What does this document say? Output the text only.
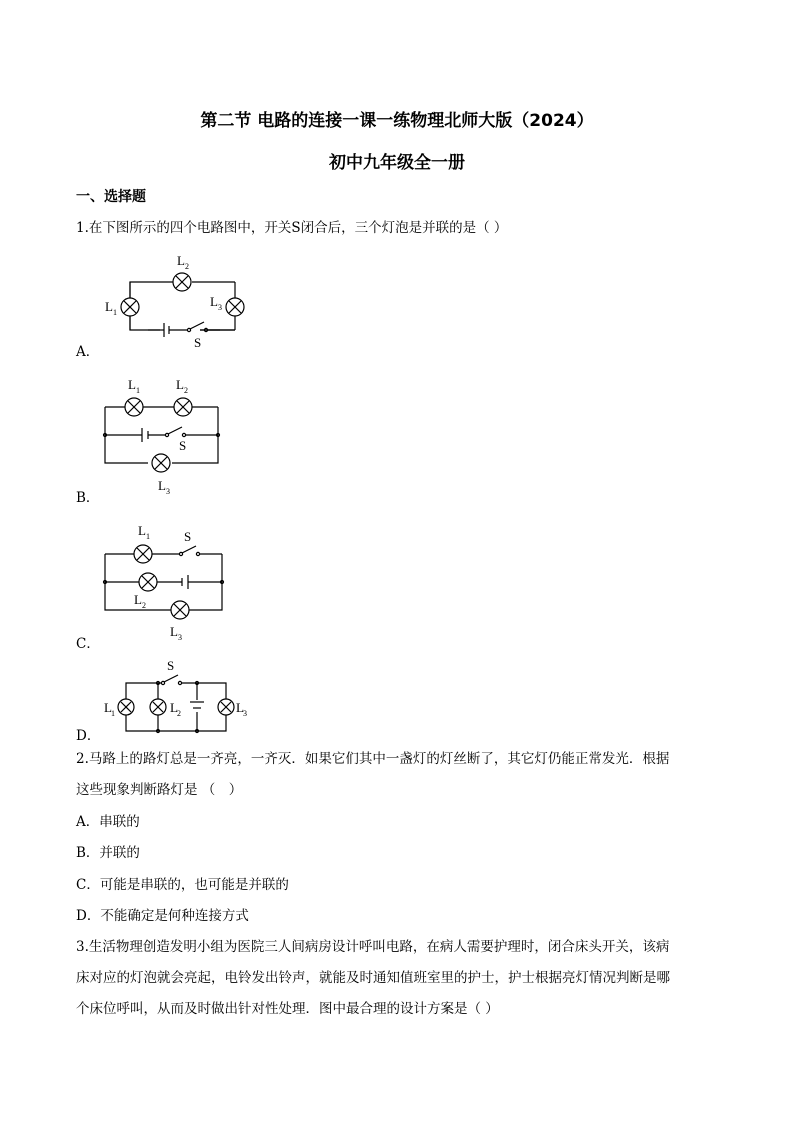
第二节 电路的连接一课一练物理北师大版（2024）
初中九年级全一册
一、选择题
1.在下图所示的四个电路图中，开关S闭合后，三个灯泡是并联的是（ ）
L 2
L 1
L 3
S
A．
L 1	L 2
S
L 3
B．
L 1	S
L 2
L 3
C．
S
L 1	L 2	L 3
D．
2.马路上的路灯总是一齐亮，一齐灭．如果它们其中一盏灯的灯丝断了，其它灯仍能正常发光．根据
这些现象判断路灯是 （　）
A．串联的
B．并联的
C．可能是串联的，也可能是并联的
D．不能确定是何种连接方式
3.生活物理创造发明小组为医院三人间病房设计呼叫电路，在病人需要护理时，闭合床头开关，该病
床对应的灯泡就会亮起，电铃发出铃声，就能及时通知值班室里的护士，护士根据亮灯情况判断是哪
个床位呼叫，从而及时做出针对性处理．图中最合理的设计方案是（ ）
